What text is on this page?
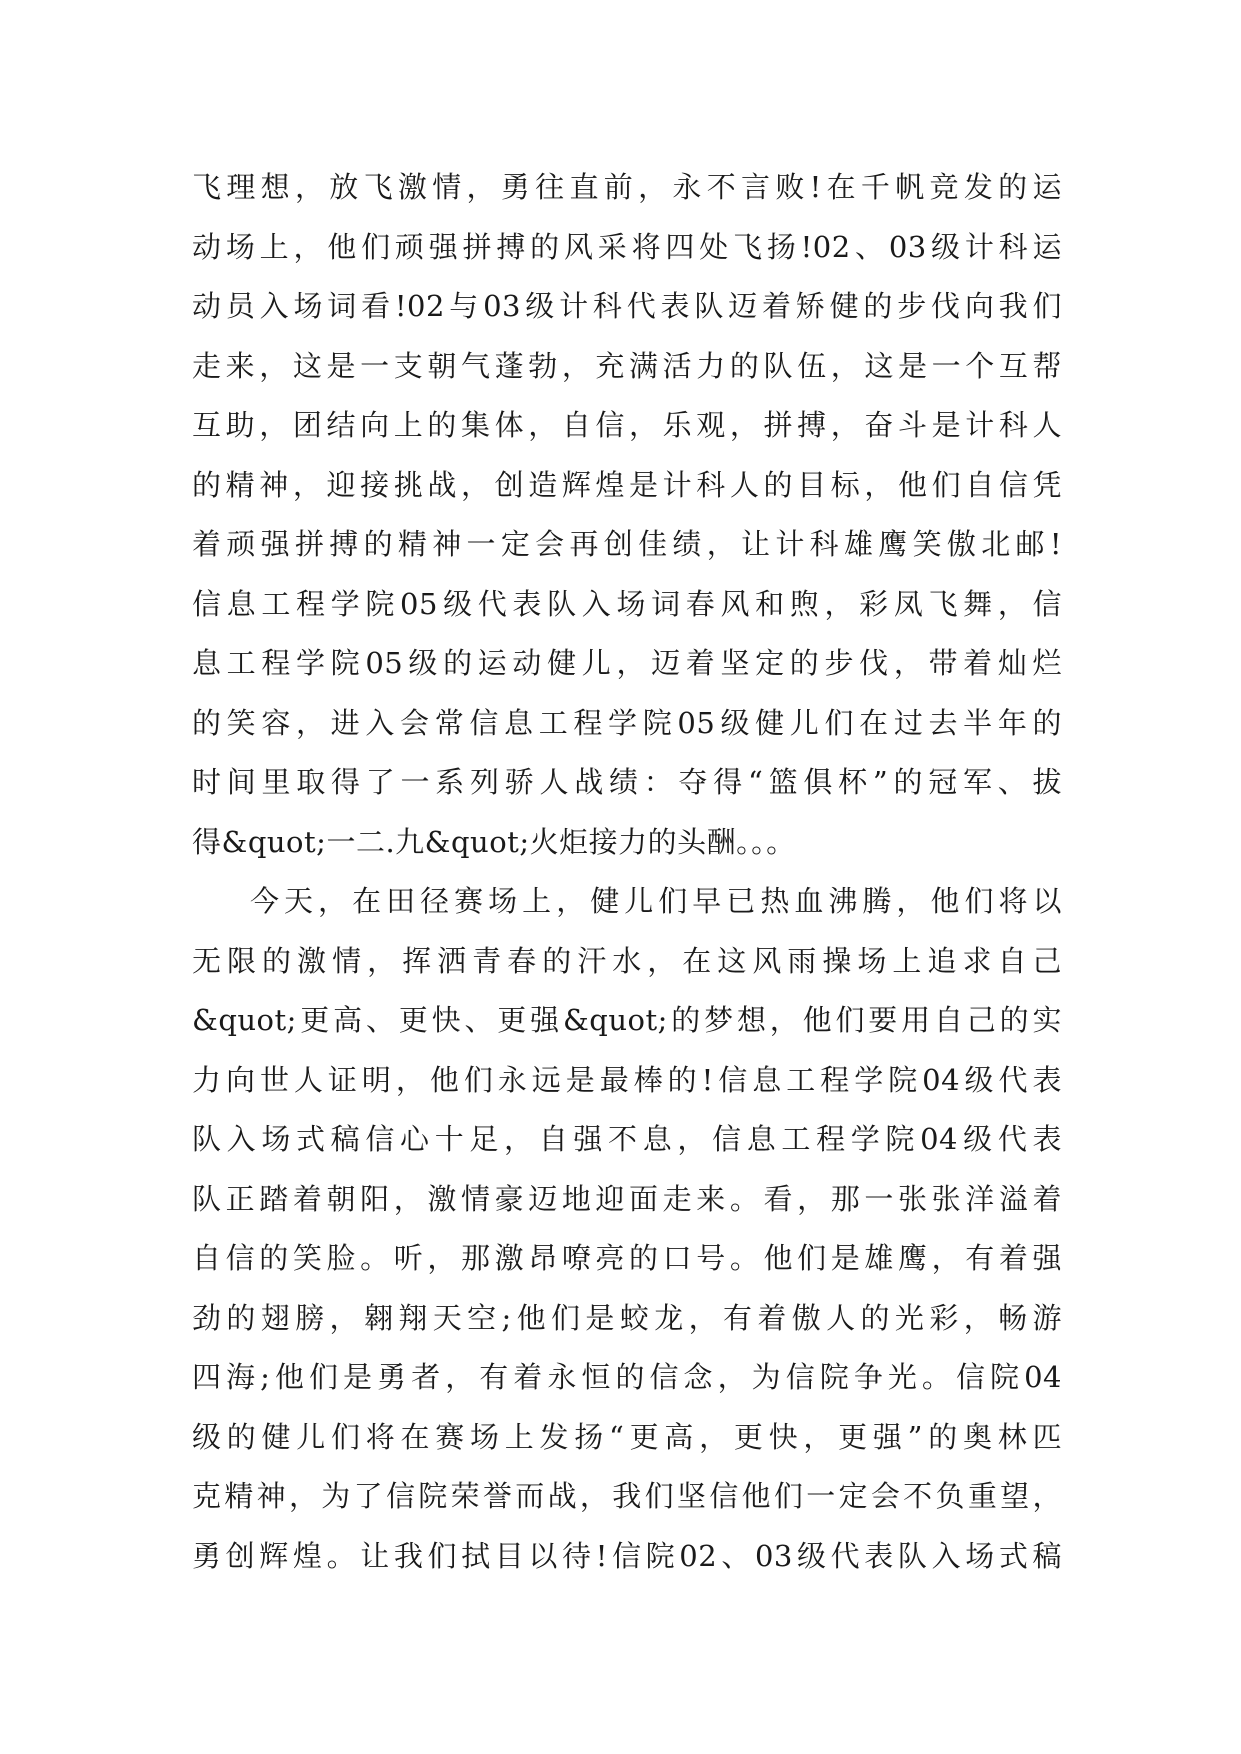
飞理想，放飞激情，勇往直前，永不言败!在千帆竞发的运
动场上，他们顽强拼搏的风采将四处飞扬!02、03级计科运
动员入场词看!02与03级计科代表队迈着矫健的步伐向我们
走来，这是一支朝气蓬勃，充满活力的队伍，这是一个互帮
互助，团结向上的集体，自信，乐观，拼搏，奋斗是计科人
的精神，迎接挑战，创造辉煌是计科人的目标，他们自信凭
着顽强拼搏的精神一定会再创佳绩，让计科雄鹰笑傲北邮!
信息工程学院05级代表队入场词春风和煦，彩凤飞舞，信
息工程学院05级的运动健儿，迈着坚定的步伐，带着灿烂
的笑容，进入会常信息工程学院05级健儿们在过去半年的
时间里取得了一系列骄人战绩：夺得“篮俱杯”的冠军、拔
得&quot;一二.九&quot;火炬接力的头酬。。。
今天，在田径赛场上，健儿们早已热血沸腾，他们将以
无限的激情，挥洒青春的汗水，在这风雨操场上追求自己
&quot;更高、更快、更强&quot;的梦想，他们要用自己的实
力向世人证明，他们永远是最棒的!信息工程学院04级代表
队入场式稿信心十足，自强不息，信息工程学院04级代表
队正踏着朝阳，激情豪迈地迎面走来。看，那一张张洋溢着
自信的笑脸。听，那激昂嘹亮的口号。他们是雄鹰，有着强
劲的翅膀，翱翔天空;他们是蛟龙，有着傲人的光彩，畅游
四海;他们是勇者，有着永恒的信念，为信院争光。信院04
级的健儿们将在赛场上发扬“更高，更快，更强”的奥林匹
克精神，为了信院荣誉而战，我们坚信他们一定会不负重望，
勇创辉煌。让我们拭目以待!信院02、03级代表队入场式稿
